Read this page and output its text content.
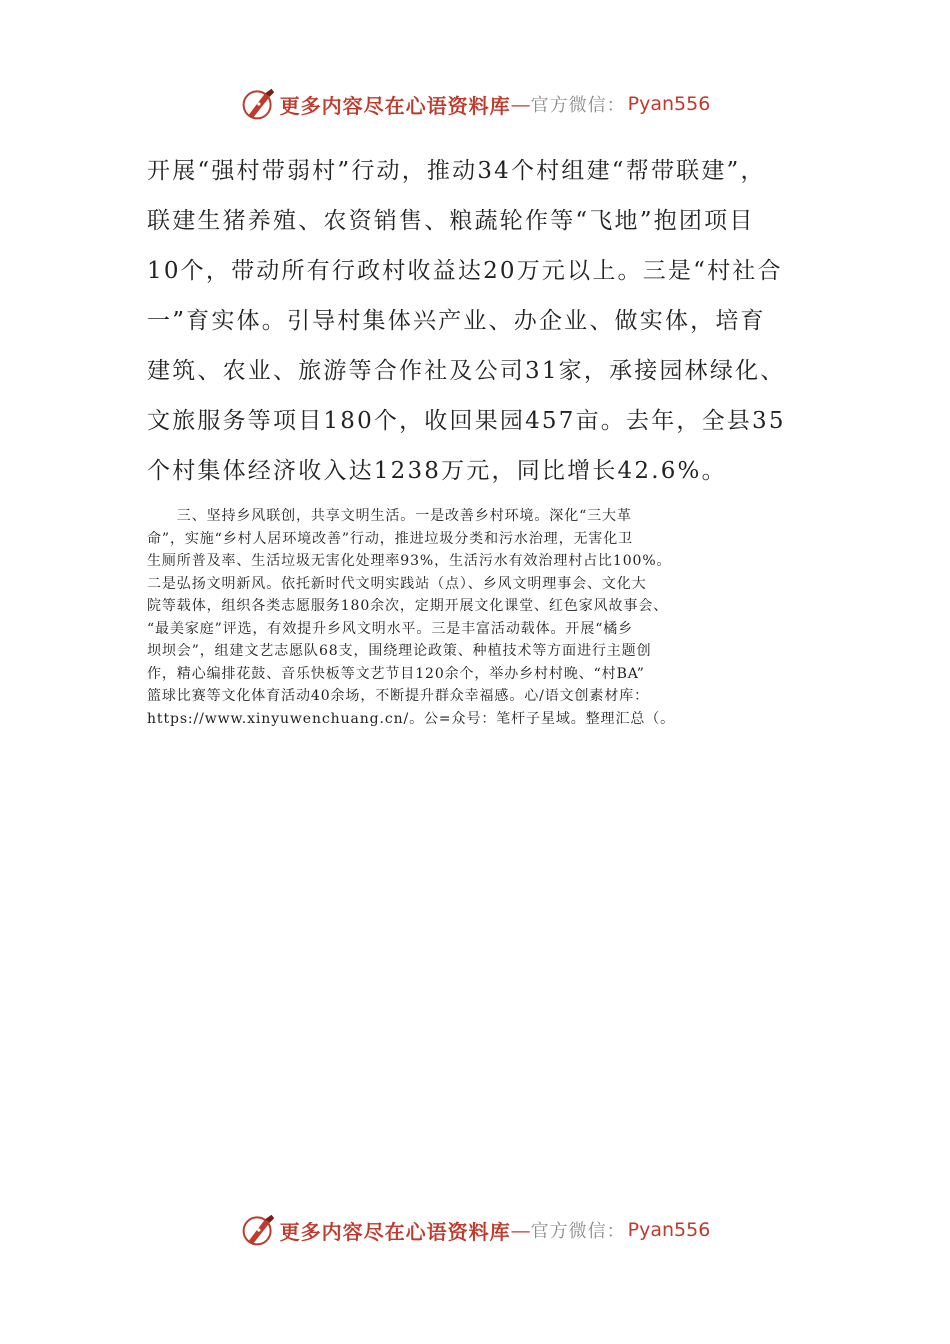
更多内容尽在心语资料库 — 官方微信： Pyan556
开展“强村带弱村”行动，推动34个村组建“帮带联建”，
联建生猪养殖、农资销售、粮蔬轮作等“飞地”抱团项目
10个，带动所有行政村收益达20万元以上。三是“村社合
一”育实体。引导村集体兴产业、办企业、做实体，培育
建筑、农业、旅游等合作社及公司31家，承接园林绿化、
文旅服务等项目180个，收回果园457亩。去年，全县35
个村集体经济收入达1238万元，同比增长42.6%。
　　三、坚持乡风联创，共享文明生活。一是改善乡村环境。深化“三大革
命”，实施“乡村人居环境改善”行动，推进垃圾分类和污水治理，无害化卫
生厕所普及率、生活垃圾无害化处理率93%，生活污水有效治理村占比100%。
二是弘扬文明新风。依托新时代文明实践站（点）、乡风文明理事会、文化大
院等载体，组织各类志愿服务180余次，定期开展文化课堂、红色家风故事会、
“最美家庭”评选，有效提升乡风文明水平。三是丰富活动载体。开展“橘乡
坝坝会”，组建文艺志愿队68支，围绕理论政策、种植技术等方面进行主题创
作，精心编排花鼓、音乐快板等文艺节目120余个，举办乡村村晚、“村BA”
篮球比赛等文化体育活动40余场，不断提升群众幸福感。心/语文创素材库：
https://www.xinyuwenchuang.cn/。公=众号：笔杆子星域。整理汇总（。
更多内容尽在心语资料库 — 官方微信： Pyan556
